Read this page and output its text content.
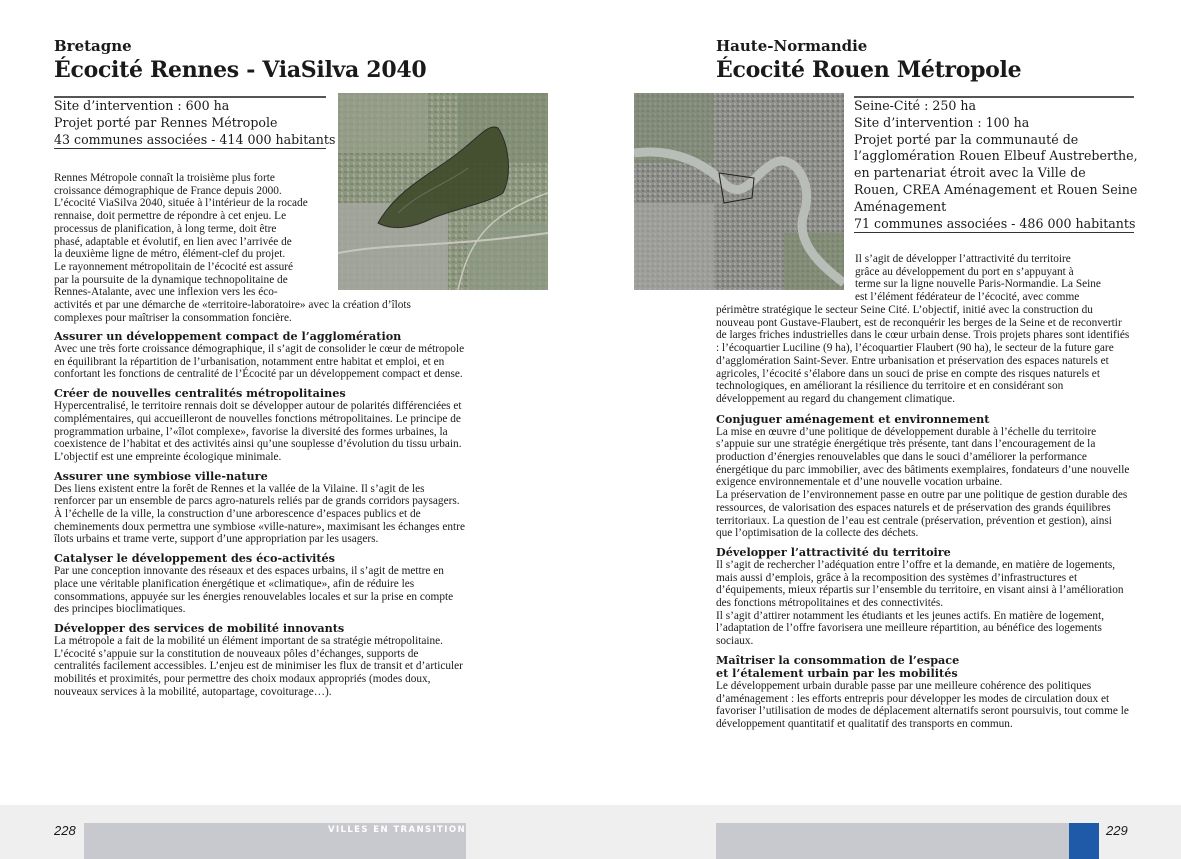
Bretagne
Écocité Rennes - ViaSilva 2040
Site d’intervention : 600 ha
Projet porté par Rennes Métropole
43 communes associées - 414 000 habitants
Rennes Métropole connaît la troisième plus forte
croissance démographique de France depuis 2000.
L’écocité ViaSilva 2040, située à l’intérieur de la rocade
rennaise, doit permettre de répondre à cet enjeu. Le
processus de planification, à long terme, doit être
phasé, adaptable et évolutif, en lien avec l’arrivée de
la deuxième ligne de métro, élément-clef du projet.
Le rayonnement métropolitain de l’écocité est assuré
par la poursuite de la dynamique technopolitaine de
Rennes-Atalante, avec une inflexion vers les éco-
activités et par une démarche de «territoire-laboratoire» avec la création d’îlots
complexes pour maîtriser la consommation foncière.
Assurer un développement compact de l’agglomération

Avec une très forte croissance démographique, il s’agit de consolider le cœur de métropole en équilibrant la répartition de l’urbanisation, notamment entre habitat et emploi, et en confortant les fonctions de centralité de l’Écocité par un développement compact et dense.

Créer de nouvelles centralités métropolitaines

Hypercentralisé, le territoire rennais doit se développer autour de polarités différenciées et complémentaires, qui accueilleront de nouvelles fonctions métropolitaines. Le principe de programmation urbaine, l’«îlot complexe», favorise la diversité des formes urbaines, la coexistence de l’habitat et des activités ainsi qu’une souplesse d’évolution du tissu urbain. L’objectif est une empreinte écologique minimale.

Assurer une symbiose ville-nature

Des liens existent entre la forêt de Rennes et la vallée de la Vilaine. Il s’agit de les renforcer par un ensemble de parcs agro-naturels reliés par de grands corridors paysagers. À l’échelle de la ville, la construction d’une arborescence d’espaces publics et de cheminements doux permettra une symbiose «ville-nature», maximisant les échanges entre îlots urbains et trame verte, support d’une appropriation par les usagers.

Catalyser le développement des éco-activités

Par une conception innovante des réseaux et des espaces urbains, il s’agit de mettre en place une véritable planification énergétique et «climatique», afin de réduire les consommations, appuyée sur les énergies renouvelables locales et sur la prise en compte des principes bioclimatiques.

Développer des services de mobilité innovants

La métropole a fait de la mobilité un élément important de sa stratégie métropolitaine. L’écocité s’appuie sur la constitution de nouveaux pôles d’échanges, supports de centralités facilement accessibles. L’enjeu est de minimiser les flux de transit et d’articuler mobilités et proximités, pour permettre des choix modaux appropriés (modes doux, nouveaux services à la mobilité, autopartage, covoiturage…).

Haute-Normandie
Écocité Rouen Métropole
Seine-Cité : 250 ha
Site d’intervention : 100 ha
Projet porté par la communauté de
l’agglomération Rouen Elbeuf Austreberthe,
en partenariat étroit avec la Ville de
Rouen, CREA Aménagement et Rouen Seine
Aménagement
71 communes associées - 486 000 habitants
Il s’agit de développer l’attractivité du territoire
grâce au développement du port en s’appuyant à
terme sur la ligne nouvelle Paris-Normandie. La Seine
est l’élément fédérateur de l’écocité, avec comme

périmètre stratégique le secteur Seine Cité. L’objectif, initié avec la construction du nouveau pont Gustave-Flaubert, est de reconquérir les berges de la Seine et de reconvertir de larges friches industrielles dans le cœur urbain dense. Trois projets phares sont identifiés : l’écoquartier Luciline (9 ha), l’écoquartier Flaubert (90 ha), le secteur de la future gare d’agglomération Saint-Sever. Entre urbanisation et préservation des espaces naturels et agricoles, l’écocité s’élabore dans un souci de prise en compte des risques naturels et technologiques, en améliorant la résilience du territoire et en considérant son développement au regard du changement climatique.

Conjuguer aménagement et environnement

La mise en œuvre d’une politique de développement durable à l’échelle du territoire s’appuie sur une stratégie énergétique très présente, tant dans l’encouragement de la production d’énergies renouvelables que dans le souci d’améliorer la performance énergétique du parc immobilier, avec des bâtiments exemplaires, fondateurs d’une nouvelle exigence environnementale et d’une nouvelle vocation urbaine.

La préservation de l’environnement passe en outre par une politique de gestion durable des ressources, de valorisation des espaces naturels et de préservation des grands équilibres territoriaux. La question de l’eau est centrale (préservation, prévention et gestion), ainsi que l’optimisation de la collecte des déchets.

Développer l’attractivité du territoire

Il s’agit de rechercher l’adéquation entre l’offre et la demande, en matière de logements, mais aussi d’emplois, grâce à la recomposition des systèmes d’infrastructures et d’équipements, mieux répartis sur l’ensemble du territoire, en visant ainsi à l’amélioration des fonctions métropolitaines et des connectivités.

Il s’agit d’attirer notamment les étudiants et les jeunes actifs. En matière de logement, l’adaptation de l’offre favorisera une meilleure répartition, au bénéfice des logements sociaux.

Maîtriser la consommation de l’espace
et l’étalement urbain par les mobilités

Le développement urbain durable passe par une meilleure cohérence des politiques d’aménagement : les efforts entrepris pour développer les modes de circulation doux et favoriser l’utilisation de modes de déplacement alternatifs seront poursuivis, tout comme le développement quantitatif et qualitatif des transports en commun.

228	229
VILLES EN TRANSITION
